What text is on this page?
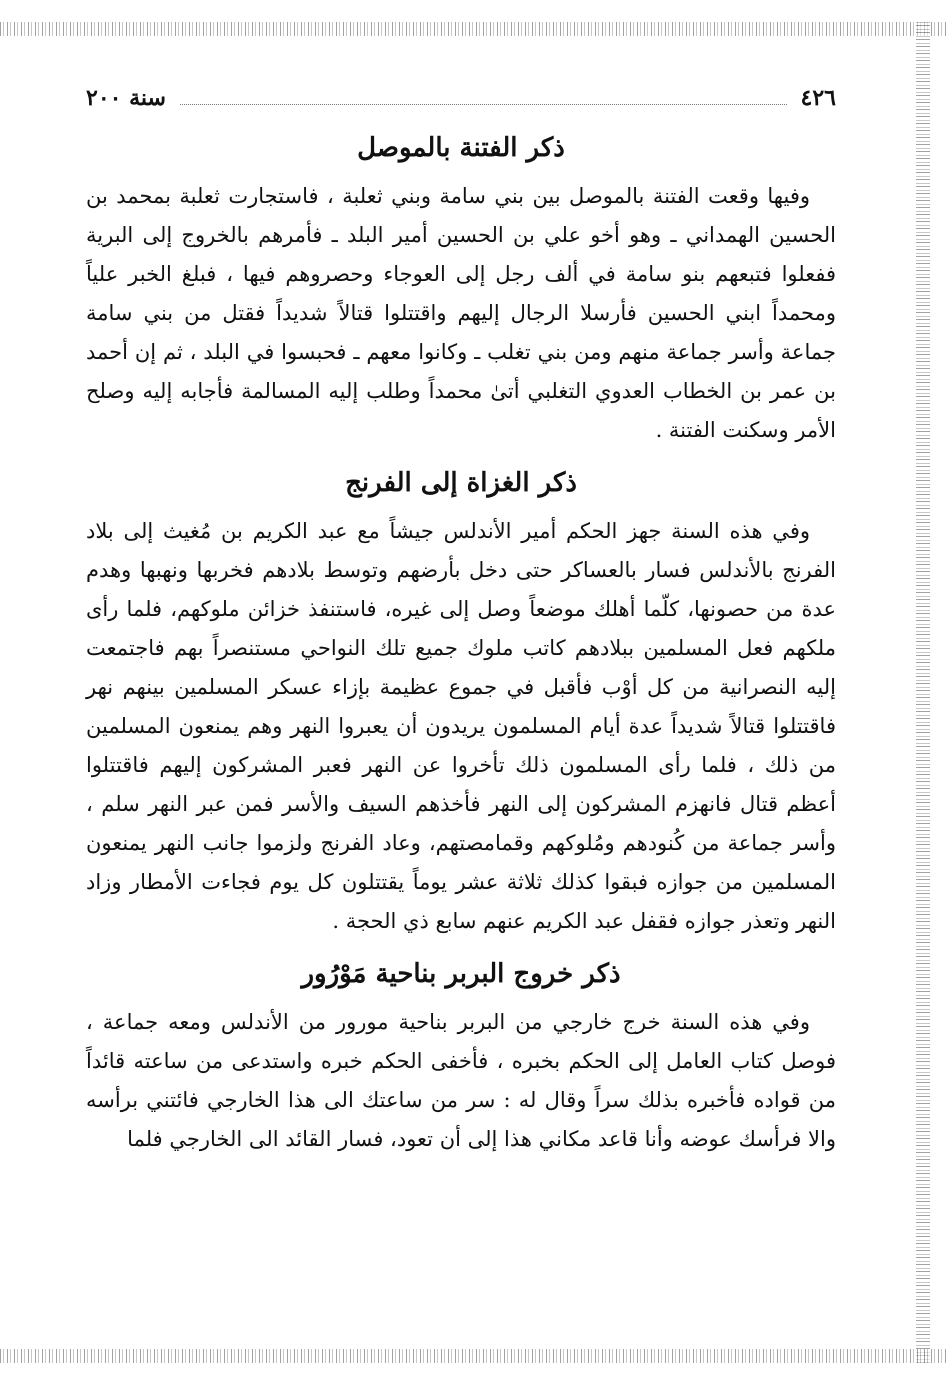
٤٢٦
سنة ٢٠٠
ذكر الفتنة بالموصل

وفيها وقعت الفتنة بالموصل بين بني سامة وبني ثعلبة ، فاستجارت ثعلبة بمحمد بن الحسين الهمداني ـ وهو أخو علي بن الحسين أمير البلد ـ فأمرهم بالخروج إلى البرية ففعلوا فتبعهم بنو سامة في ألف رجل إلى العوجاء وحصروهم فيها ، فبلغ الخبر علياً ومحمداً ابني الحسين فأرسلا الرجال إليهم واقتتلوا قتالاً شديداً فقتل من بني سامة جماعة وأسر جماعة منهم ومن بني تغلب ـ وكانوا معهم ـ فحبسوا في البلد ، ثم إن أحمد بن عمر بن الخطاب العدوي التغلبي أتىٰ محمداً وطلب إليه المسالمة فأجابه إليه وصلح الأمر وسكنت الفتنة .

ذكر الغزاة إلى الفرنج

وفي هذه السنة جهز الحكم أمير الأندلس جيشاً مع عبد الكريم بن مُغيث إلى بلاد الفرنج بالأندلس فسار بالعساكر حتى دخل بأرضهم وتوسط بلادهم فخربها ونهبها وهدم عدة من حصونها، كلّما أهلك موضعاً وصل إلى غيره، فاستنفذ خزائن ملوكهم، فلما رأى ملكهم فعل المسلمين ببلادهم كاتب ملوك جميع تلك النواحي مستنصراً بهم فاجتمعت إليه النصرانية من كل أوْب فأقبل في جموع عظيمة بإزاء عسكر المسلمين بينهم نهر فاقتتلوا قتالاً شديداً عدة أيام المسلمون يريدون أن يعبروا النهر وهم يمنعون المسلمين من ذلك ، فلما رأى المسلمون ذلك تأخروا عن النهر فعبر المشركون إليهم فاقتتلوا أعظم قتال فانهزم المشركون إلى النهر فأخذهم السيف والأسر فمن عبر النهر سلم ، وأسر جماعة من كُنودهم ومُلوكهم وقمامصتهم، وعاد الفرنج ولزموا جانب النهر يمنعون المسلمين من جوازه فبقوا كذلك ثلاثة عشر يوماً يقتتلون كل يوم فجاءت الأمطار وزاد النهر وتعذر جوازه فقفل عبد الكريم عنهم سابع ذي الحجة .

ذكر خروج البربر بناحية مَوْرُور

وفي هذه السنة خرج خارجي من البربر بناحية مورور من الأندلس ومعه جماعة ، فوصل كتاب العامل إلى الحكم بخبره ، فأخفى الحكم خبره واستدعى من ساعته قائداً من قواده فأخبره بذلك سراً وقال له : سر من ساعتك الى هذا الخارجي فائتني برأسه والا فرأسك عوضه وأنا قاعد مكاني هذا إلى أن تعود، فسار القائد الى الخارجي فلما
